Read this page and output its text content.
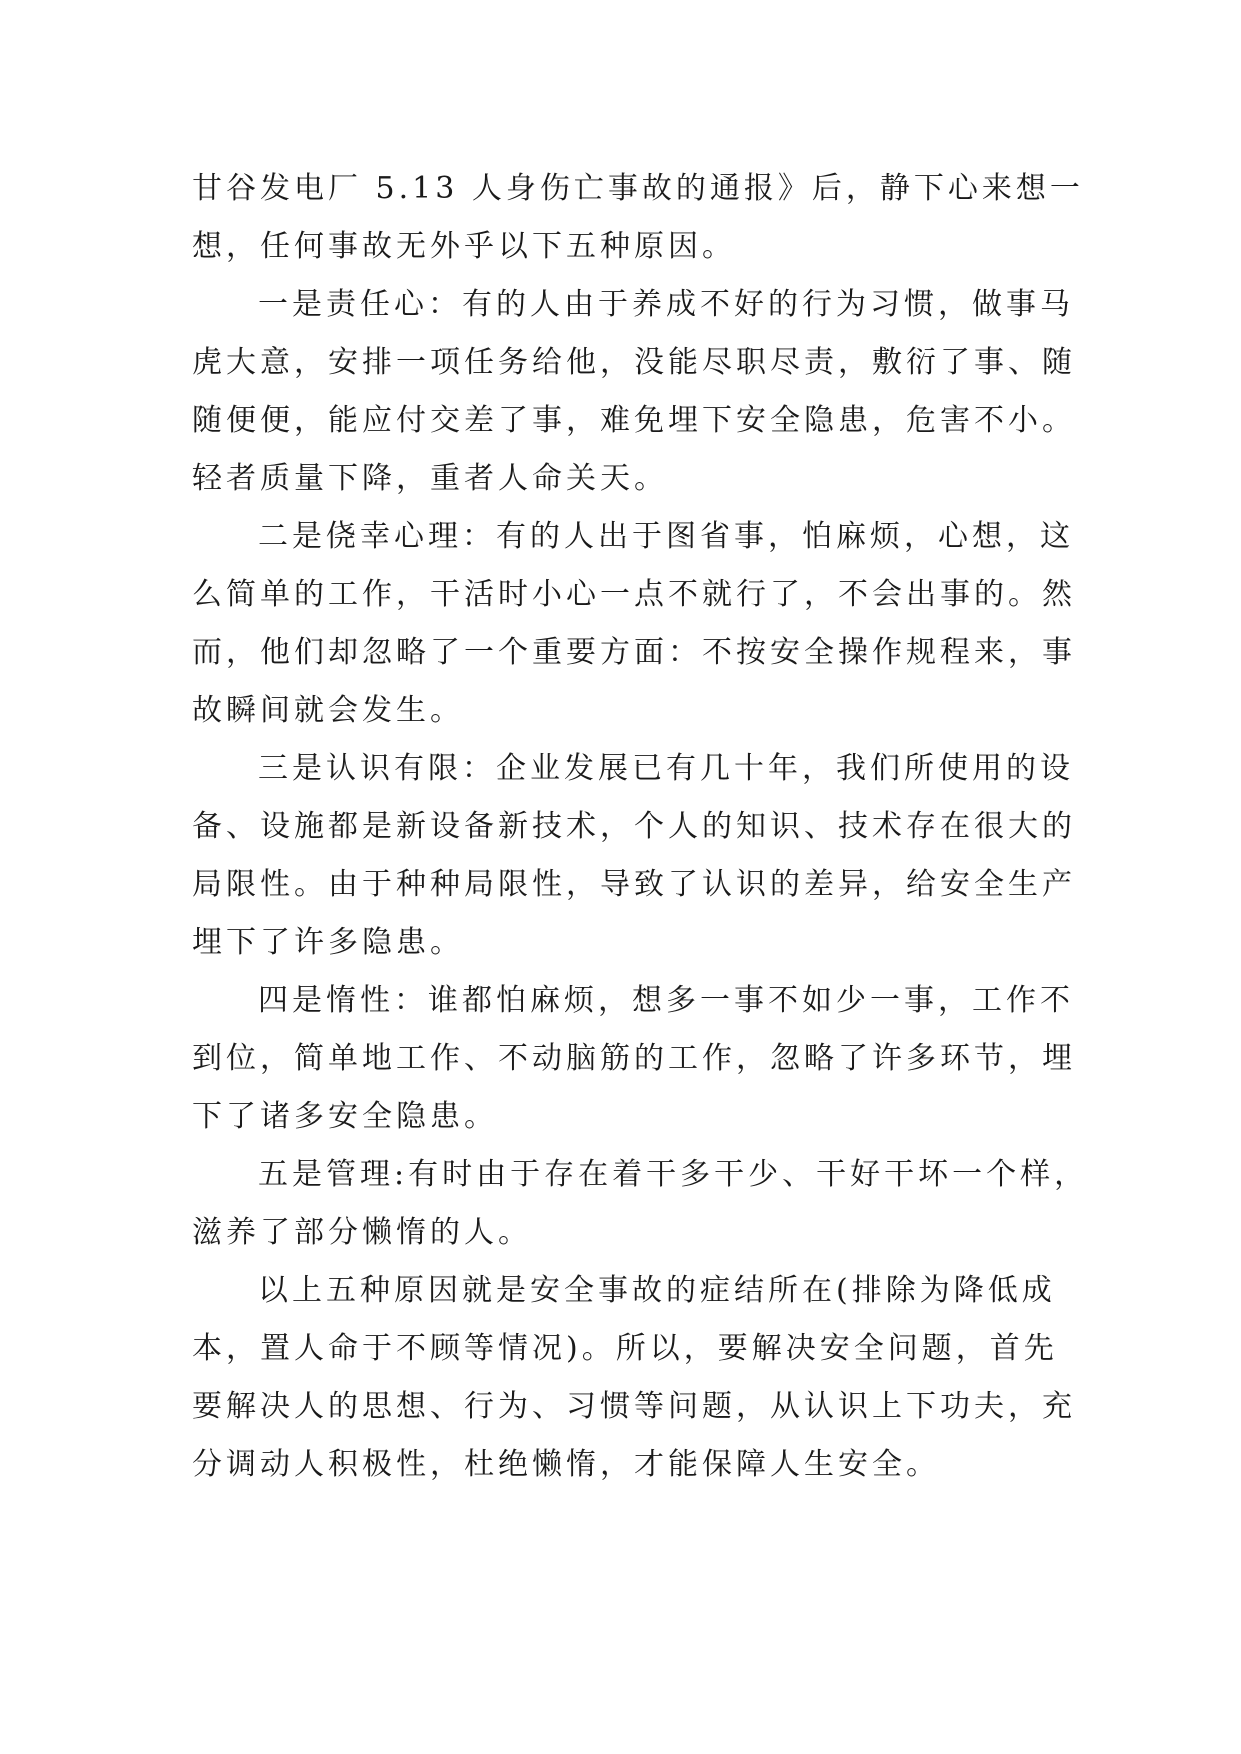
甘谷发电厂 5.13 人身伤亡事故的通报》后，静下心来想一
想，任何事故无外乎以下五种原因。
一是责任心：有的人由于养成不好的行为习惯，做事马
虎大意，安排一项任务给他，没能尽职尽责，敷衍了事、随
随便便，能应付交差了事，难免埋下安全隐患，危害不小。
轻者质量下降，重者人命关天。
二是侥幸心理：有的人出于图省事，怕麻烦，心想，这
么简单的工作，干活时小心一点不就行了，不会出事的。然
而，他们却忽略了一个重要方面：不按安全操作规程来，事
故瞬间就会发生。
三是认识有限：企业发展已有几十年，我们所使用的设
备、设施都是新设备新技术，个人的知识、技术存在很大的
局限性。由于种种局限性，导致了认识的差异，给安全生产
埋下了许多隐患。
四是惰性：谁都怕麻烦，想多一事不如少一事，工作不
到位，简单地工作、不动脑筋的工作，忽略了许多环节，埋
下了诸多安全隐患。
五是管理:有时由于存在着干多干少、干好干坏一个样，
滋养了部分懒惰的人。
以上五种原因就是安全事故的症结所在(排除为降低成
本，置人命于不顾等情况)。所以，要解决安全问题，首先
要解决人的思想、行为、习惯等问题，从认识上下功夫，充
分调动人积极性，杜绝懒惰，才能保障人生安全。
